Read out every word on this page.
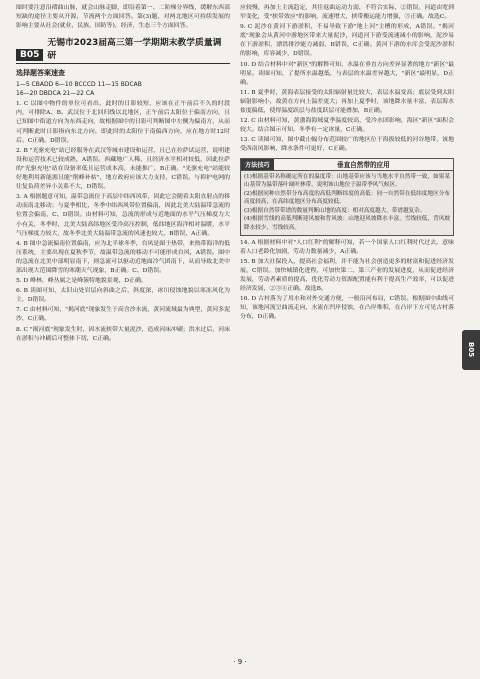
图时要注意沿褶曲山脉，就会山脉走脚，即沿着第一、二阶梯分界线，缓解东西部短缺的途径主要从开源，节流两个方面回答。第(3)题，对两北地区可持续发展的影响主要从社会(就业，民族、国防等)，经济，生态三个方面回答。

B05
无锡市2023届高三第一学期期末教学质量调研
选择题答案速查
1—5 CBADD 6—10 BCCCD 11—15 BDCAB
16—20 DBDCA 21—22 CA

1. C 以图中物件的单位可看出，此时的日影较短，应该在正午前后不久的时段内，可排除A、B。武汉位于北回归线以北地区，正午前后太阳位于偏南方向，且已知图中街道方向为东西走向，故根据图中的日影可判断图中左侧为偏南方，从而可判断此时日影指向东北方向，即此时的太阳位于南偏西方向，应在地方时12时后。C正确，D错误。

2. B "光驱充电"站已经服务在武汉等城市建设和运营，且已在拉萨试运营，说明建设和运营技术已较成熟，A错误。西藏地广人稀，且经济水平相对较低，因此拉萨的"光驱充电"站在设备率低且运营成本高，未能推广，B正确。"光驱充电"站能较好地利用新能源且能"削峰补枯"，地方政府应该大力支持，C错误。与抑护电网的往复负荷差异小关系不大，D错误。

3. A 根据题意可知，温带急流位于高层中纬西风带，因此它会随着太阳直射点的移动而南北移动；与夏季相比，冬季中纬西风带位置偏南，因此北美大陆温带急流的位置会偏南，C、D错误。由材料可知，急流的形成与近地面的水平气压梯度力大小有关，冬季时，北美大陆高纬地区受冷高压控制，低纬地区海洋相对温暖，水平气压梯度力较大，故冬季北美大陆温带急流的风速也较大，B错误，A正确。

4. B 图中急流偏南位置偏南，应为北半球冬季，台风是图于热带，来热带海洋的低压系统，主要出现在夏秋季节，故温带急流的移动不可能形成台风，A错误。图中的急流在北美中部明显南下，则急流可以驱动近地面冷气团南下，从而导致北美中部出现大范围降雪的寒潮天气现象，B正确。C、D错误。

5. D 峰林，峰丛属之是峰簇特地貌景观，D正确。

6. B 读图可知，太旧山处岩层向斜曲之后，斜度深，冰川侵蚀地貌以寒冻风化为主，D错误。

7. C 由材料可知，"揭河底"现象发生于高含沙水流，黄河流域最为典型，黄河多泥沙，C正确。

8. C "揭河底"现象发生时，因水流挟带大量泥沙，造成河床冲刷；洪水过后，河床在淤积与冲刷后可整体下切，C正确。

应较慢，再加上主流趋定，其往返曲运动力弱，不符合实际，②错误。河道由宽到窄变化，受"挟带效应"的影响，流速增大，挟带搬运能力增强，③正确。故选C。

9. C 泥沙在黄河下游淤积，不易导致下游"地上河"主槽的形成，A错误。"揭河底"现象会从黄河中游地区带来大量泥沙，河道河下游受流速减小的影响，泥沙易在下游淤积，漂洪排沙能力减弱，B错误，C正确。黄河下游的水库会受泥沙淤积的影响，库容减少，D错误。

10. D 结合材料中对"新区"的解释可知，水温在垂直方向差异显著的地方"新区"最明显。读图可知，了提所水温越低，与表层的水温差异越大，"新区"最明显，D正确。

11. B 夏季时，黄海表层接受的太阳辐射量比较大，表层水温变高；底层受到太阳辐射影响小，故黄在方向上温差更大；再加上夏季时，该地降水量丰富，表层海水盐度偏低，使得温度跃层与盐度跃层可能叠加，B正确。

12. C 由材料可知，黄渤海海域夏季温度较高，受冷水团影响，海区"新区"面积会较大。结合图示可知，冬季有一定冰量，C正确。

13. C 读图可知，图中截止幅分布范围较广的地区位于海拔较低的河谷地带，该地受西南风影响，降水条件可更好，C正确。

方法技巧	垂直自然带的应用

(1)根据基带名称确定所在的温度带：山地基带应该与当地水平自然带一致，如果某山基带为温带落叶阔叶林带，说明该山地位于温带季风气候区。

(2)根据同种自然带分布高度的高低判断纬度的高低：同一自然带在低纬度地区分布高度较高，在高纬度地区分布高度较低。

(3)根据自然带带谱的数量判断山地的高度：相对高度越大，带谱越复杂。

(4)根据雪线的高低判断迎风坡和背风坡：山地迎风坡降水丰富，雪线较低，背风坡降水较少，雪线较高。

14. A 根据材料中对"人口红利"的解释可知，若一个国家人口红利时代过去，意味着人口老龄化加剧，劳动力数量减少，A正确。

15. B 加大社保投入，提高社会福利，并不能为社会创造更多的财富和促进经济发展，C错误。加快城镇化进程，可加快第二、第三产业的发展进度，从而促进经济发展，劳动者素质的提高，优化劳动力资源配置能有利于提高生产效率，可以促进经济发展，②③④正确。故选B。

16. D 古村落为了用水和对外交通方便，一般沿河布局，C错误。根据图中曲线可知，该地河流呈曲流走向，水流在凹岸侵蚀，在凸岸堆积，在凸岸下方可见古村落分布，D正确。

· 9 ·
B05
